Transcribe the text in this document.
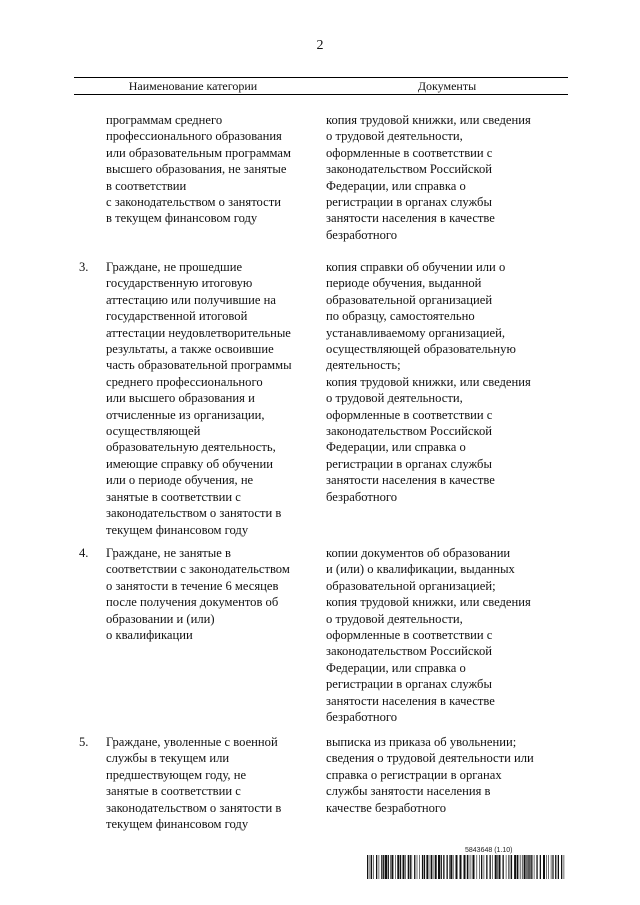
2
Наименование категории	Документы
программам среднего
профессионального образования
или образовательным программам
высшего образования, не занятые
в соответствии
с законодательством о занятости
в текущем финансовом году
копия трудовой книжки, или сведения
о трудовой деятельности,
оформленные в соответствии с
законодательством Российской
Федерации, или справка о
регистрации в органах службы
занятости населения в качестве
безработного
3. Граждане, не прошедшие
государственную итоговую
аттестацию или получившие на
государственной итоговой
аттестации неудовлетворительные
результаты, а также освоившие
часть образовательной программы
среднего профессионального
или высшего образования и
отчисленные из организации,
осуществляющей
образовательную деятельность,
имеющие справку об обучении
или о периоде обучения, не
занятые в соответствии с
законодательством о занятости в
текущем финансовом году
копия справки об обучении или о
периоде обучения, выданной
образовательной организацией
по образцу, самостоятельно
устанавливаемому организацией,
осуществляющей образовательную
деятельность;
копия трудовой книжки, или сведения
о трудовой деятельности,
оформленные в соответствии с
законодательством Российской
Федерации, или справка о
регистрации в органах службы
занятости населения в качестве
безработного
4. Граждане, не занятые в
соответствии с законодательством
о занятости в течение 6 месяцев
после получения документов об
образовании и (или)
о квалификации
копии документов об образовании
и (или) о квалификации, выданных
образовательной организацией;
копия трудовой книжки, или сведения
о трудовой деятельности,
оформленные в соответствии с
законодательством Российской
Федерации, или справка о
регистрации в органах службы
занятости населения в качестве
безработного
5. Граждане, уволенные с военной
службы в текущем или
предшествующем году, не
занятые в соответствии с
законодательством о занятости в
текущем финансовом году
выписка из приказа об увольнении;
сведения о трудовой деятельности или
справка о регистрации в органах
службы занятости населения в
качестве безработного
5843648 (1.10)
